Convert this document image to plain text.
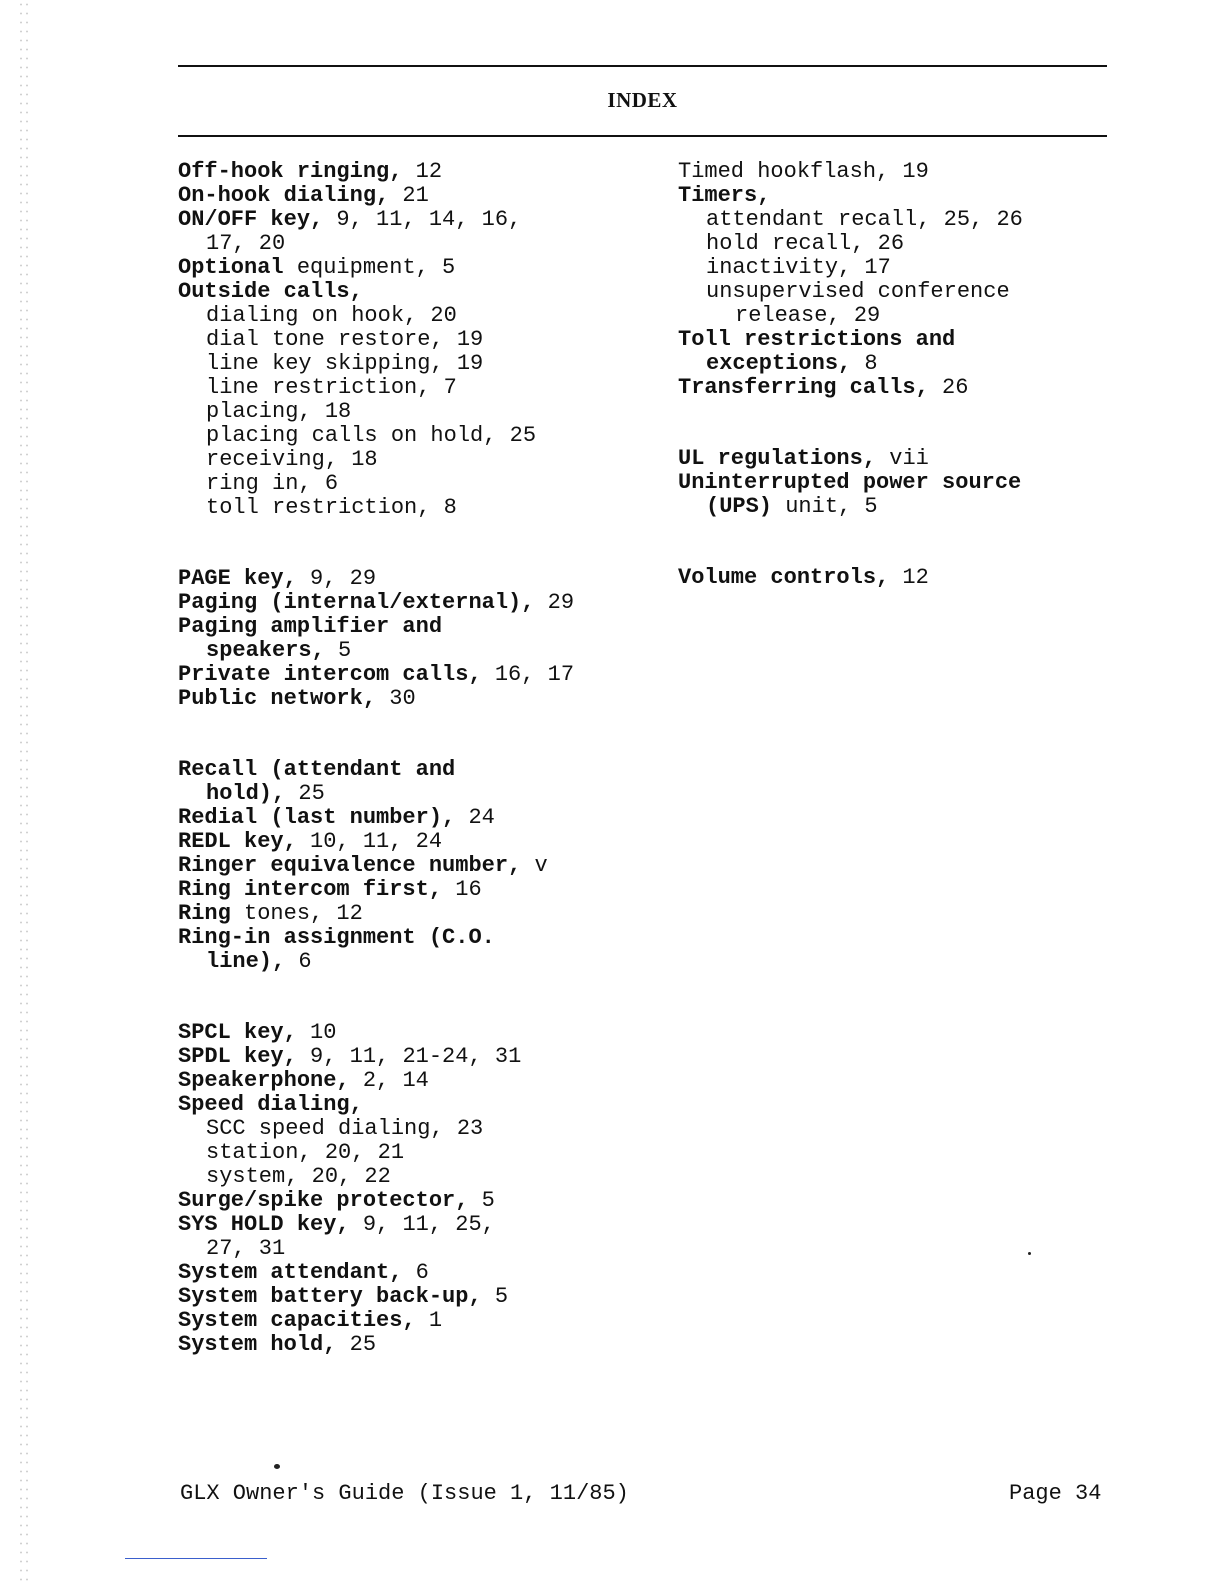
INDEX
Off-hook ringing, 12
On-hook dialing, 21
ON/OFF key, 9, 11, 14, 16,
17, 20
Optional equipment, 5
Outside calls,
dialing on hook, 20
dial tone restore, 19
line key skipping, 19
line restriction, 7
placing, 18
placing calls on hold, 25
receiving, 18
ring in, 6
toll restriction, 8
PAGE key, 9, 29
Paging (internal/external), 29
Paging amplifier and
speakers, 5
Private intercom calls, 16, 17
Public network, 30
Recall (attendant and
hold), 25
Redial (last number), 24
REDL key, 10, 11, 24
Ringer equivalence number, v
Ring intercom first, 16
Ring tones, 12
Ring-in assignment (C.O.
line), 6
SPCL key, 10
SPDL key, 9, 11, 21-24, 31
Speakerphone, 2, 14
Speed dialing,
SCC speed dialing, 23
station, 20, 21
system, 20, 22
Surge/spike protector, 5
SYS HOLD key, 9, 11, 25,
27, 31
System attendant, 6
System battery back-up, 5
System capacities, 1
System hold, 25
Timed hookflash, 19
Timers,
attendant recall, 25, 26
hold recall, 26
inactivity, 17
unsupervised conference
release, 29
Toll restrictions and
exceptions, 8
Transferring calls, 26
UL regulations, vii
Uninterrupted power source
(UPS) unit, 5
Volume controls, 12
GLX Owner's Guide (Issue 1, 11/85)	Page 34
